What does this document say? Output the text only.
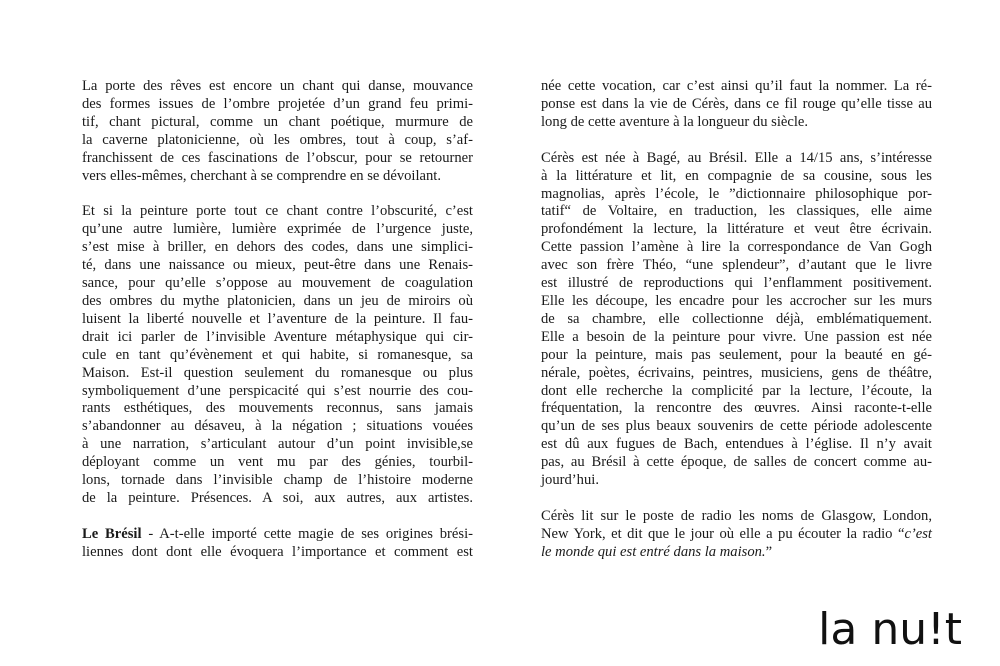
La porte des rêves est encore un chant qui danse, mouvance
des formes issues de l’ombre projetée d’un grand feu primi-
tif, chant pictural, comme un chant poétique, murmure de
la caverne platonicienne, où les ombres, tout à coup, s’af-
franchissent de ces fascinations de l’obscur, pour se retourner
vers elles-mêmes, cherchant à se comprendre en se dévoilant.
Et si la peinture porte tout ce chant contre l’obscurité, c’est
qu’une autre lumière, lumière exprimée de l’urgence juste,
s’est mise à briller, en dehors des codes, dans une simplici-
té, dans une naissance ou mieux, peut-être dans une Renais-
sance, pour qu’elle s’oppose au mouvement de coagulation
des ombres du mythe platonicien, dans un jeu de miroirs où
luisent la liberté nouvelle et l’aventure de la peinture. Il fau-
drait ici parler de l’invisible Aventure métaphysique qui cir-
cule en tant qu’évènement et qui habite, si romanesque, sa
Maison. Est-il question seulement du romanesque ou plus
symboliquement d’une perspicacité qui s’est nourrie des cou-
rants esthétiques, des mouvements reconnus, sans jamais
s’abandonner au désaveu, à la négation ; situations vouées
à une narration, s’articulant autour d’un point invisible,se
déployant comme un vent mu par des génies, tourbil-
lons, tornade dans l’invisible champ de l’histoire moderne
de la peinture. Présences. A soi, aux autres, aux artistes.
Le Brésil - A-t-elle importé cette magie de ses origines brési-
liennes dont dont elle évoquera l’importance et comment est
née cette vocation, car c’est ainsi qu’il faut la nommer. La ré-
ponse est dans la vie de Cérès, dans ce fil rouge qu’elle tisse au
long de cette aventure à la longueur du siècle.
Cérès est née à Bagé, au Brésil. Elle a 14/15 ans, s’intéresse
à la littérature et lit, en compagnie de sa cousine, sous les
magnolias, après l’école, le ”dictionnaire philosophique por-
tatif“ de Voltaire, en traduction, les classiques, elle aime
profondément la lecture, la littérature et veut être écrivain.
Cette passion l’amène à lire la correspondance de Van Gogh
avec son frère Théo, “une splendeur”, d’autant que le livre
est illustré de reproductions qui l’enflamment positivement.
Elle les découpe, les encadre pour les accrocher sur les murs
de sa chambre, elle collectionne déjà, emblématiquement.
Elle a besoin de la peinture pour vivre. Une passion est née
pour la peinture, mais pas seulement, pour la beauté en gé-
nérale, poètes, écrivains, peintres, musiciens, gens de théâtre,
dont elle recherche la complicité par la lecture, l’écoute, la
fréquentation, la rencontre des œuvres. Ainsi raconte-t-elle
qu’un de ses plus beaux souvenirs de cette période adolescente
est dû aux fugues de Bach, entendues à l’église. Il n’y avait
pas, au Brésil à cette époque, de salles de concert comme au-
jourd’hui.
Cérès lit sur le poste de radio les noms de Glasgow, London,
New York, et dit que le jour où elle a pu écouter la radio “c’est
le monde qui est entré dans la maison.”
la nu!t
